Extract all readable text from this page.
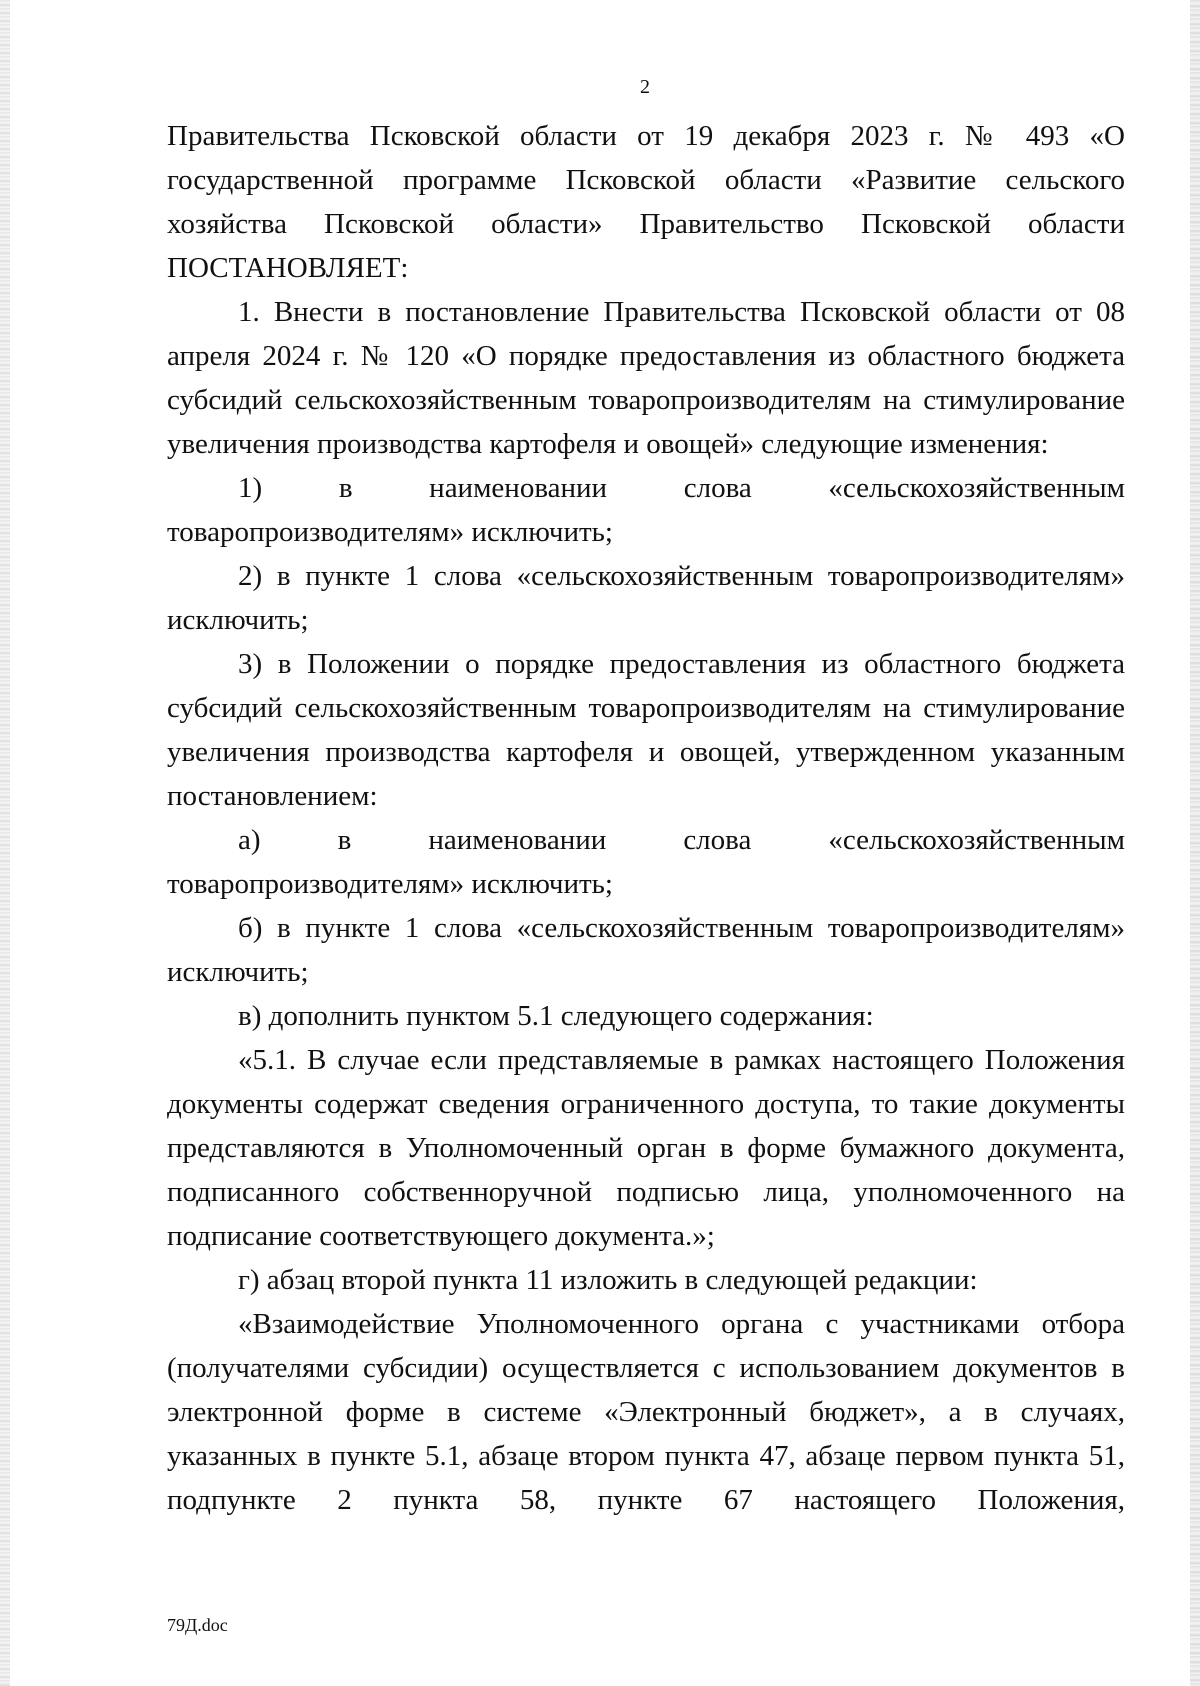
2

Правительства Псковской области от 19 декабря 2023 г. № 493 «О государственной программе Псковской области «Развитие сельского хозяйства Псковской области» Правительство Псковской области ПОСТАНОВЛЯЕТ:

1. Внести в постановление Правительства Псковской области от 08 апреля 2024 г. № 120 «О порядке предоставления из областного бюджета субсидий сельскохозяйственным товаропроизводителям на стимулирование увеличения производства картофеля и овощей» следующие изменения:

1) в наименовании слова «сельскохозяйственным товаропроизводителям» исключить;

2) в пункте 1 слова «сельскохозяйственным товаропроизводителям» исключить;

3) в Положении о порядке предоставления из областного бюджета субсидий сельскохозяйственным товаропроизводителям на стимулирование увеличения производства картофеля и овощей, утвержденном указанным постановлением:

а) в наименовании слова «сельскохозяйственным товаропроизводителям» исключить;

б) в пункте 1 слова «сельскохозяйственным товаропроизводителям» исключить;

в) дополнить пунктом 5.1 следующего содержания:

«5.1. В случае если представляемые в рамках настоящего Положения документы содержат сведения ограниченного доступа, то такие документы представляются в Уполномоченный орган в форме бумажного документа, подписанного собственноручной подписью лица, уполномоченного на подписание соответствующего документа.»;

г) абзац второй пункта 11 изложить в следующей редакции:

«Взаимодействие Уполномоченного органа с участниками отбора (получателями субсидии) осуществляется с использованием документов в электронной форме в системе «Электронный бюджет», а в случаях, указанных в пункте 5.1, абзаце втором пункта 47, абзаце первом пункта 51, подпункте 2 пункта 58, пункте 67 настоящего Положения,

79Д.doc
